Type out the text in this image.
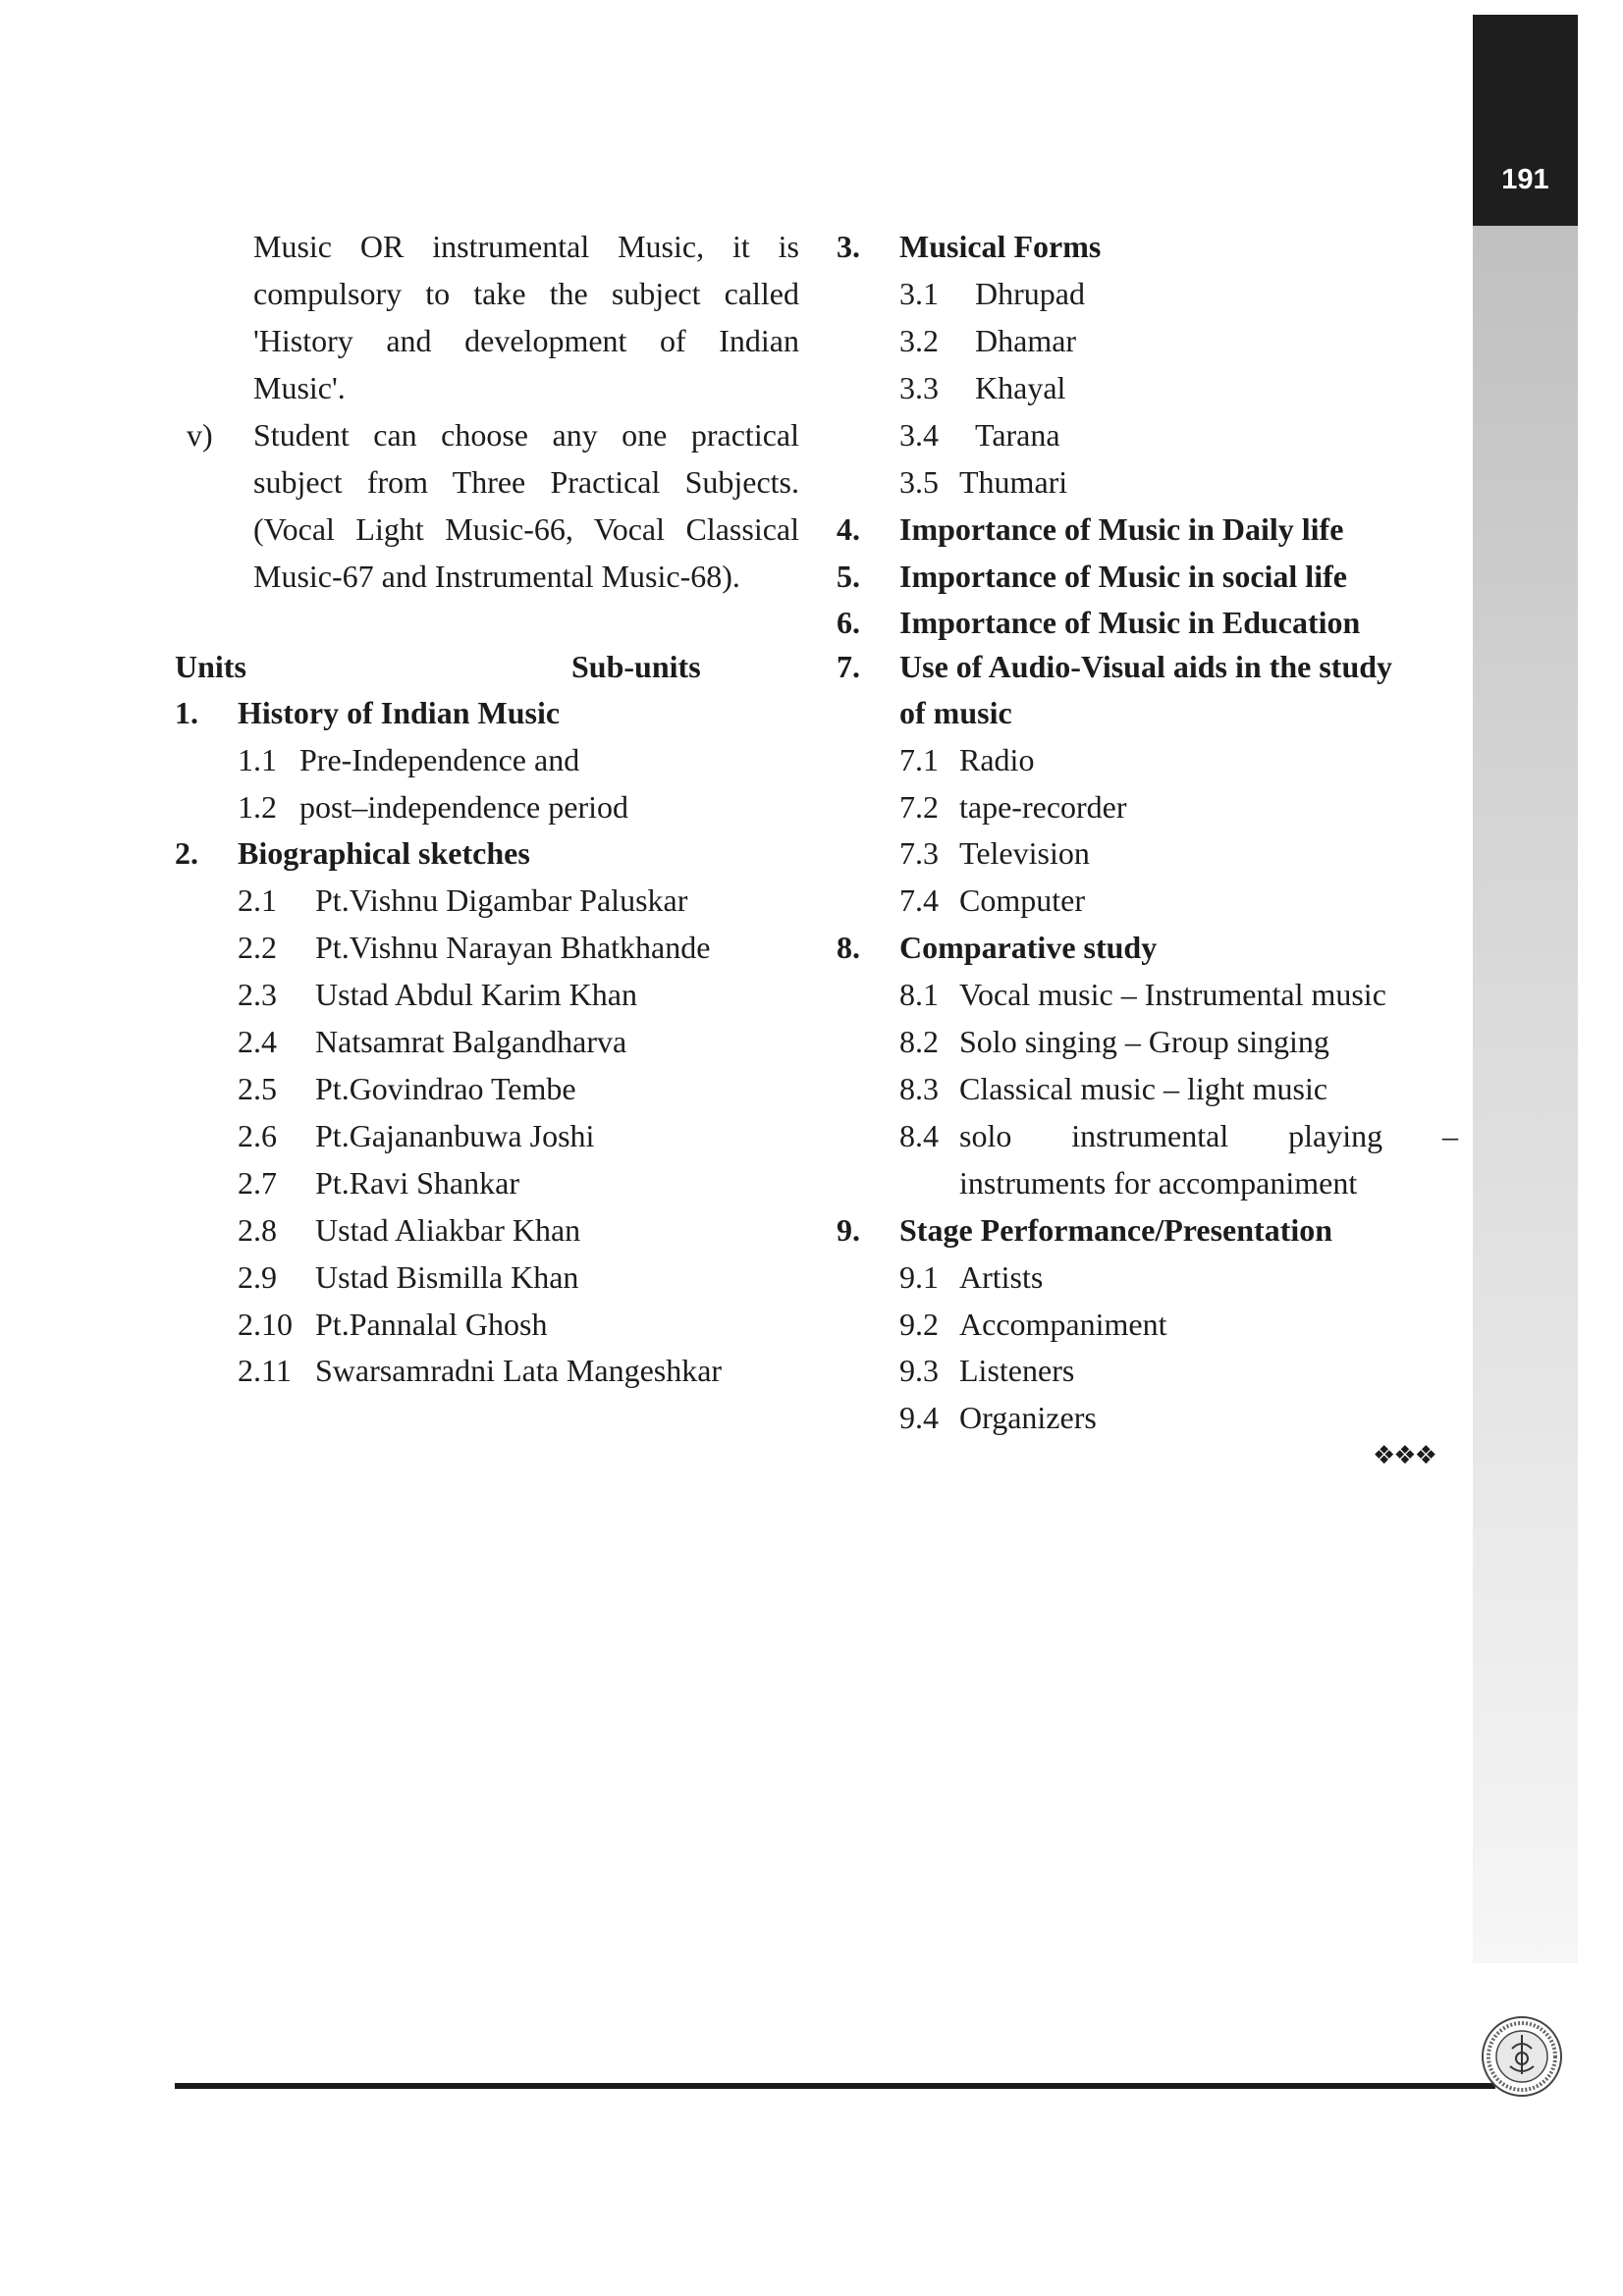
191
Music OR instrumental Music, it is
compulsory to take the subject called
'History and development of Indian
Music'.
v) Student can choose any one practical
subject from Three Practical Subjects.
(Vocal Light Music-66, Vocal Classical
Music-67 and Instrumental Music-68).
Units	Sub-units
1. History of Indian Music
1.1 Pre-Independence and
1.2 post–independence period
2. Biographical sketches
2.1 Pt.Vishnu Digambar Paluskar
2.2 Pt.Vishnu Narayan Bhatkhande
2.3 Ustad Abdul Karim Khan
2.4 Natsamrat Balgandharva
2.5 Pt.Govindrao Tembe
2.6 Pt.Gajananbuwa Joshi
2.7 Pt.Ravi Shankar
2.8 Ustad Aliakbar Khan
2.9 Ustad Bismilla Khan
2.10 Pt.Pannalal Ghosh
2.11 Swarsamradni Lata Mangeshkar
3. Musical Forms
3.1 Dhrupad
3.2 Dhamar
3.3 Khayal
3.4 Tarana
3.5 Thumari
4. Importance of Music in Daily life
5. Importance of Music in social life
6. Importance of Music in Education
7. Use of Audio-Visual aids in the study
of music
7.1 Radio
7.2 tape-recorder
7.3 Television
7.4 Computer
8. Comparative study
8.1 Vocal music – Instrumental music
8.2 Solo singing – Group singing
8.3 Classical music – light music
8.4 solo instrumental playing –
instruments for accompaniment
9. Stage Performance/Presentation
9.1 Artists
9.2 Accompaniment
9.3 Listeners
9.4 Organizers
❖❖❖
